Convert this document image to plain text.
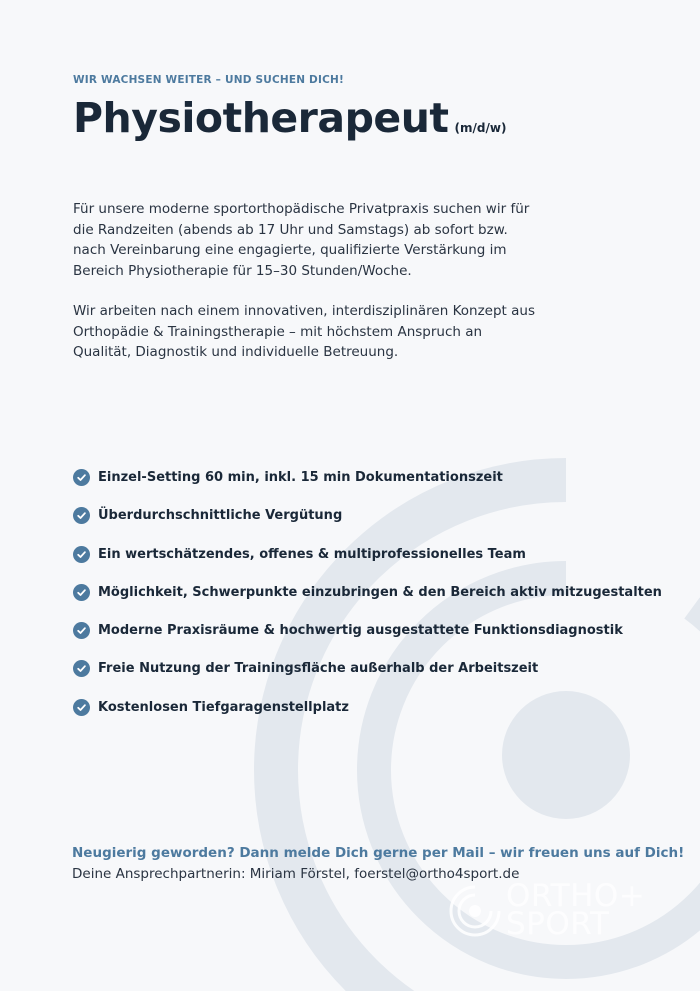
WIR WACHSEN WEITER – UND SUCHEN DICH!
Physiotherapeut (m/d/w)
Für unsere moderne sportorthopädische Privatpraxis suchen wir für die Randzeiten (abends ab 17 Uhr und Samstags) ab sofort bzw. nach Vereinbarung eine engagierte, qualifizierte Verstärkung im Bereich Physiotherapie für 15–30 Stunden/Woche.
Wir arbeiten nach einem innovativen, interdisziplinären Konzept aus Orthopädie & Trainingstherapie – mit höchstem Anspruch an Qualität, Diagnostik und individuelle Betreuung.
Einzel-Setting 60 min, inkl. 15 min Dokumentationszeit
Überdurchschnittliche Vergütung
Ein wertschätzendes, offenes & multiprofessionelles Team
Möglichkeit, Schwerpunkte einzubringen & den Bereich aktiv mitzugestalten
Moderne Praxisräume & hochwertig ausgestattete Funktionsdiagnostik
Freie Nutzung der Trainingsfläche außerhalb der Arbeitszeit
Kostenlosen Tiefgaragenstellplatz
Neugierig geworden? Dann melde Dich gerne per Mail – wir freuen uns auf Dich!
Deine Ansprechpartnerin: Miriam Förstel, foerstel@ortho4sport.de
ORTHO+
SPORT
